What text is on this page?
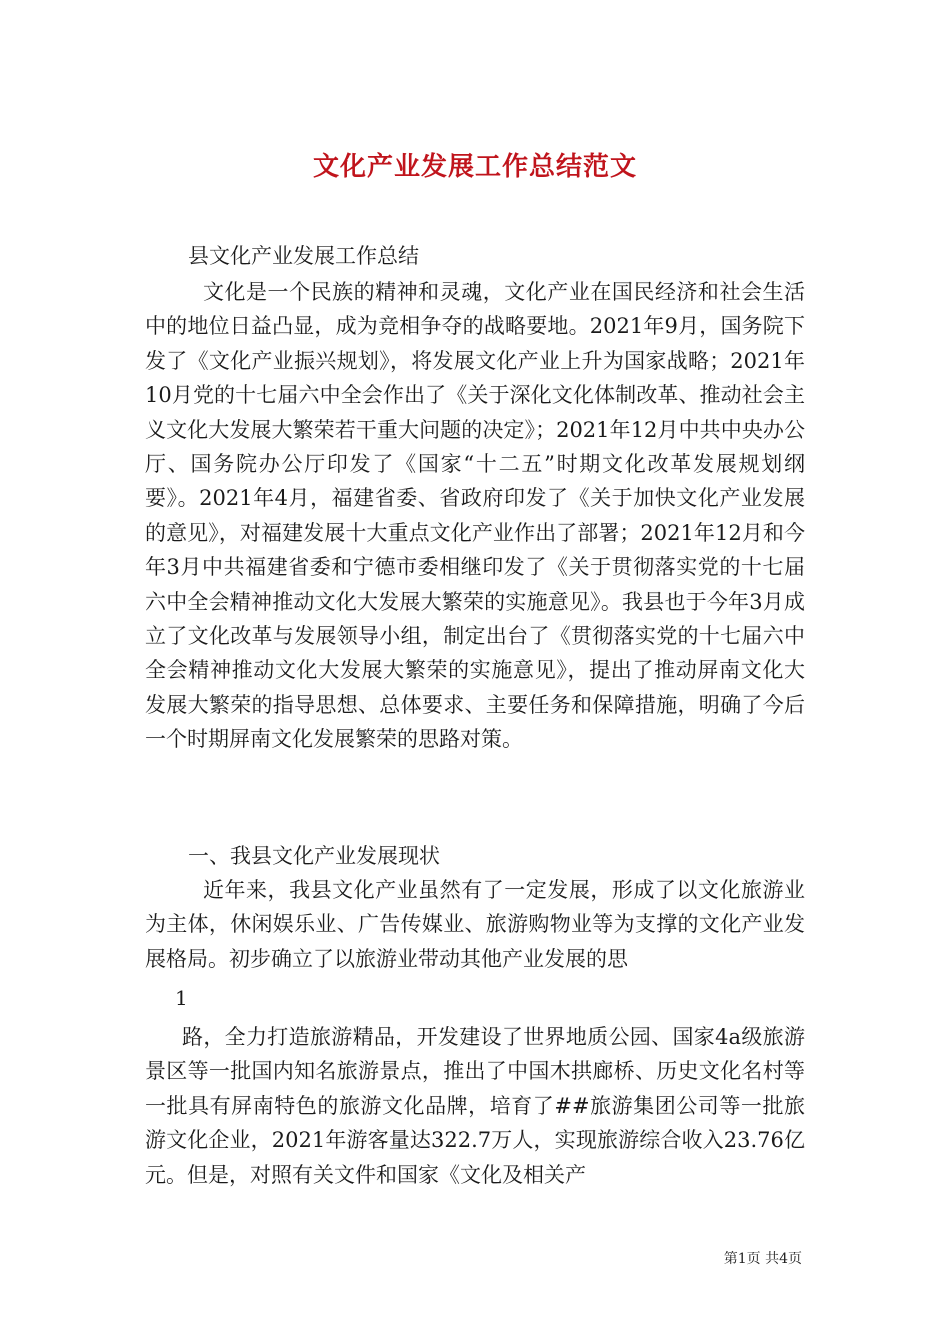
文化产业发展工作总结范文

县文化产业发展工作总结

文化是一个民族的精神和灵魂，文化产业在国民经济和社会生活中的地位日益凸显，成为竞相争夺的战略要地。2021年9月，国务院下发了《文化产业振兴规划》，将发展文化产业上升为国家战略；2021年10月党的十七届六中全会作出了《关于深化文化体制改革、推动社会主义文化大发展大繁荣若干重大问题的决定》；2021年12月中共中央办公厅、国务院办公厅印发了《国家“十二五”时期文化改革发展规划纲要》。2021年4月，福建省委、省政府印发了《关于加快文化产业发展的意见》，对福建发展十大重点文化产业作出了部署；2021年12月和今年3月中共福建省委和宁德市委相继印发了《关于贯彻落实党的十七届六中全会精神推动文化大发展大繁荣的实施意见》。我县也于今年3月成立了文化改革与发展领导小组，制定出台了《贯彻落实党的十七届六中全会精神推动文化大发展大繁荣的实施意见》，提出了推动屏南文化大发展大繁荣的指导思想、总体要求、主要任务和保障措施，明确了今后一个时期屏南文化发展繁荣的思路对策。

一、我县文化产业发展现状

近年来，我县文化产业虽然有了一定发展，形成了以文化旅游业为主体，休闲娱乐业、广告传媒业、旅游购物业等为支撑的文化产业发展格局。初步确立了以旅游业带动其他产业发展的思

1

路，全力打造旅游精品，开发建设了世界地质公园、国家4a级旅游景区等一批国内知名旅游景点，推出了中国木拱廊桥、历史文化名村等一批具有屏南特色的旅游文化品牌，培育了##旅游集团公司等一批旅游文化企业，2021年游客量达322.7万人，实现旅游综合收入23.76亿元。但是，对照有关文件和国家《文化及相关产

第1页 共4页
